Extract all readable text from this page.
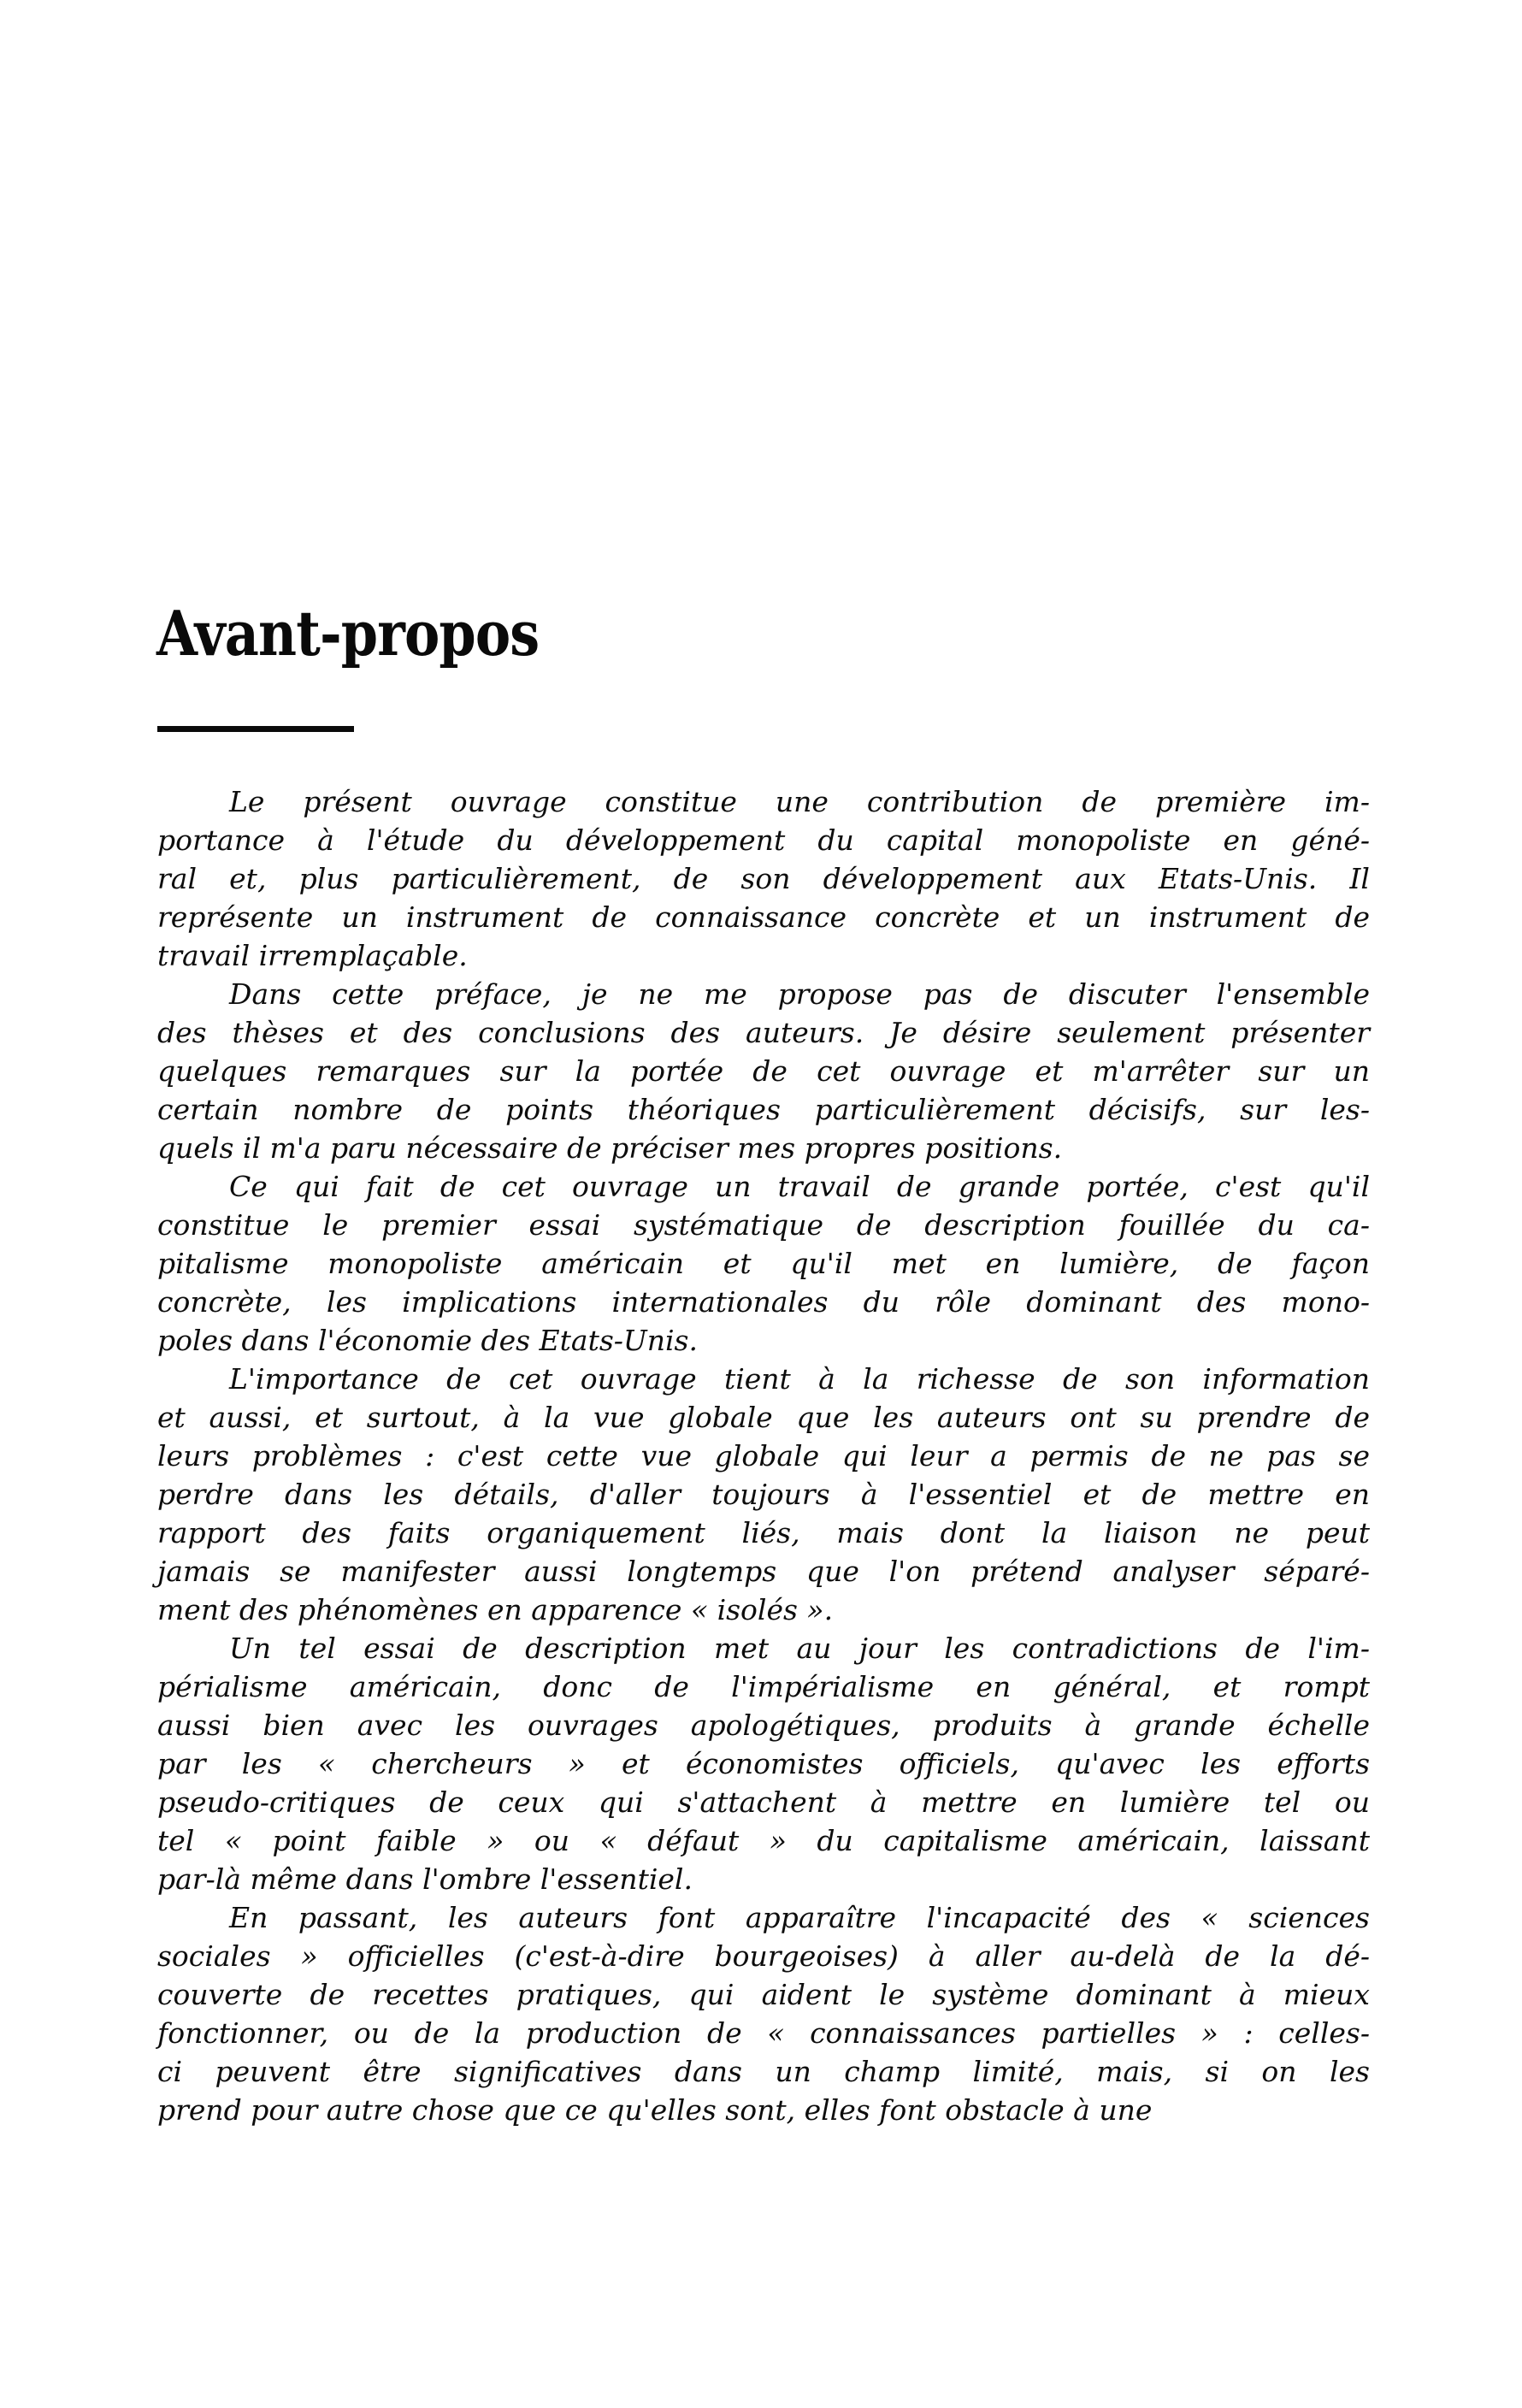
Avant-propos
Le présent ouvrage constitue une contribution de première im-
portance à l'étude du développement du capital monopoliste en géné-
ral et, plus particulièrement, de son développement aux Etats-Unis. Il
représente un instrument de connaissance concrète et un instrument de
travail irremplaçable.
Dans cette préface, je ne me propose pas de discuter l'ensemble
des thèses et des conclusions des auteurs. Je désire seulement présenter
quelques remarques sur la portée de cet ouvrage et m'arrêter sur un
certain nombre de points théoriques particulièrement décisifs, sur les-
quels il m'a paru nécessaire de préciser mes propres positions.
Ce qui fait de cet ouvrage un travail de grande portée, c'est qu'il
constitue le premier essai systématique de description fouillée du ca-
pitalisme monopoliste américain et qu'il met en lumière, de façon
concrète, les implications internationales du rôle dominant des mono-
poles dans l'économie des Etats-Unis.
L'importance de cet ouvrage tient à la richesse de son information
et aussi, et surtout, à la vue globale que les auteurs ont su prendre de
leurs problèmes : c'est cette vue globale qui leur a permis de ne pas se
perdre dans les détails, d'aller toujours à l'essentiel et de mettre en
rapport des faits organiquement liés, mais dont la liaison ne peut
jamais se manifester aussi longtemps que l'on prétend analyser séparé-
ment des phénomènes en apparence « isolés ».
Un tel essai de description met au jour les contradictions de l'im-
périalisme américain, donc de l'impérialisme en général, et rompt
aussi bien avec les ouvrages apologétiques, produits à grande échelle
par les « chercheurs » et économistes officiels, qu'avec les efforts
pseudo-critiques de ceux qui s'attachent à mettre en lumière tel ou
tel « point faible » ou « défaut » du capitalisme américain, laissant
par-là même dans l'ombre l'essentiel.
En passant, les auteurs font apparaître l'incapacité des « sciences
sociales » officielles (c'est-à-dire bourgeoises) à aller au-delà de la dé-
couverte de recettes pratiques, qui aident le système dominant à mieux
fonctionner, ou de la production de « connaissances partielles » : celles-
ci peuvent être significatives dans un champ limité, mais, si on les
prend pour autre chose que ce qu'elles sont, elles font obstacle à une
